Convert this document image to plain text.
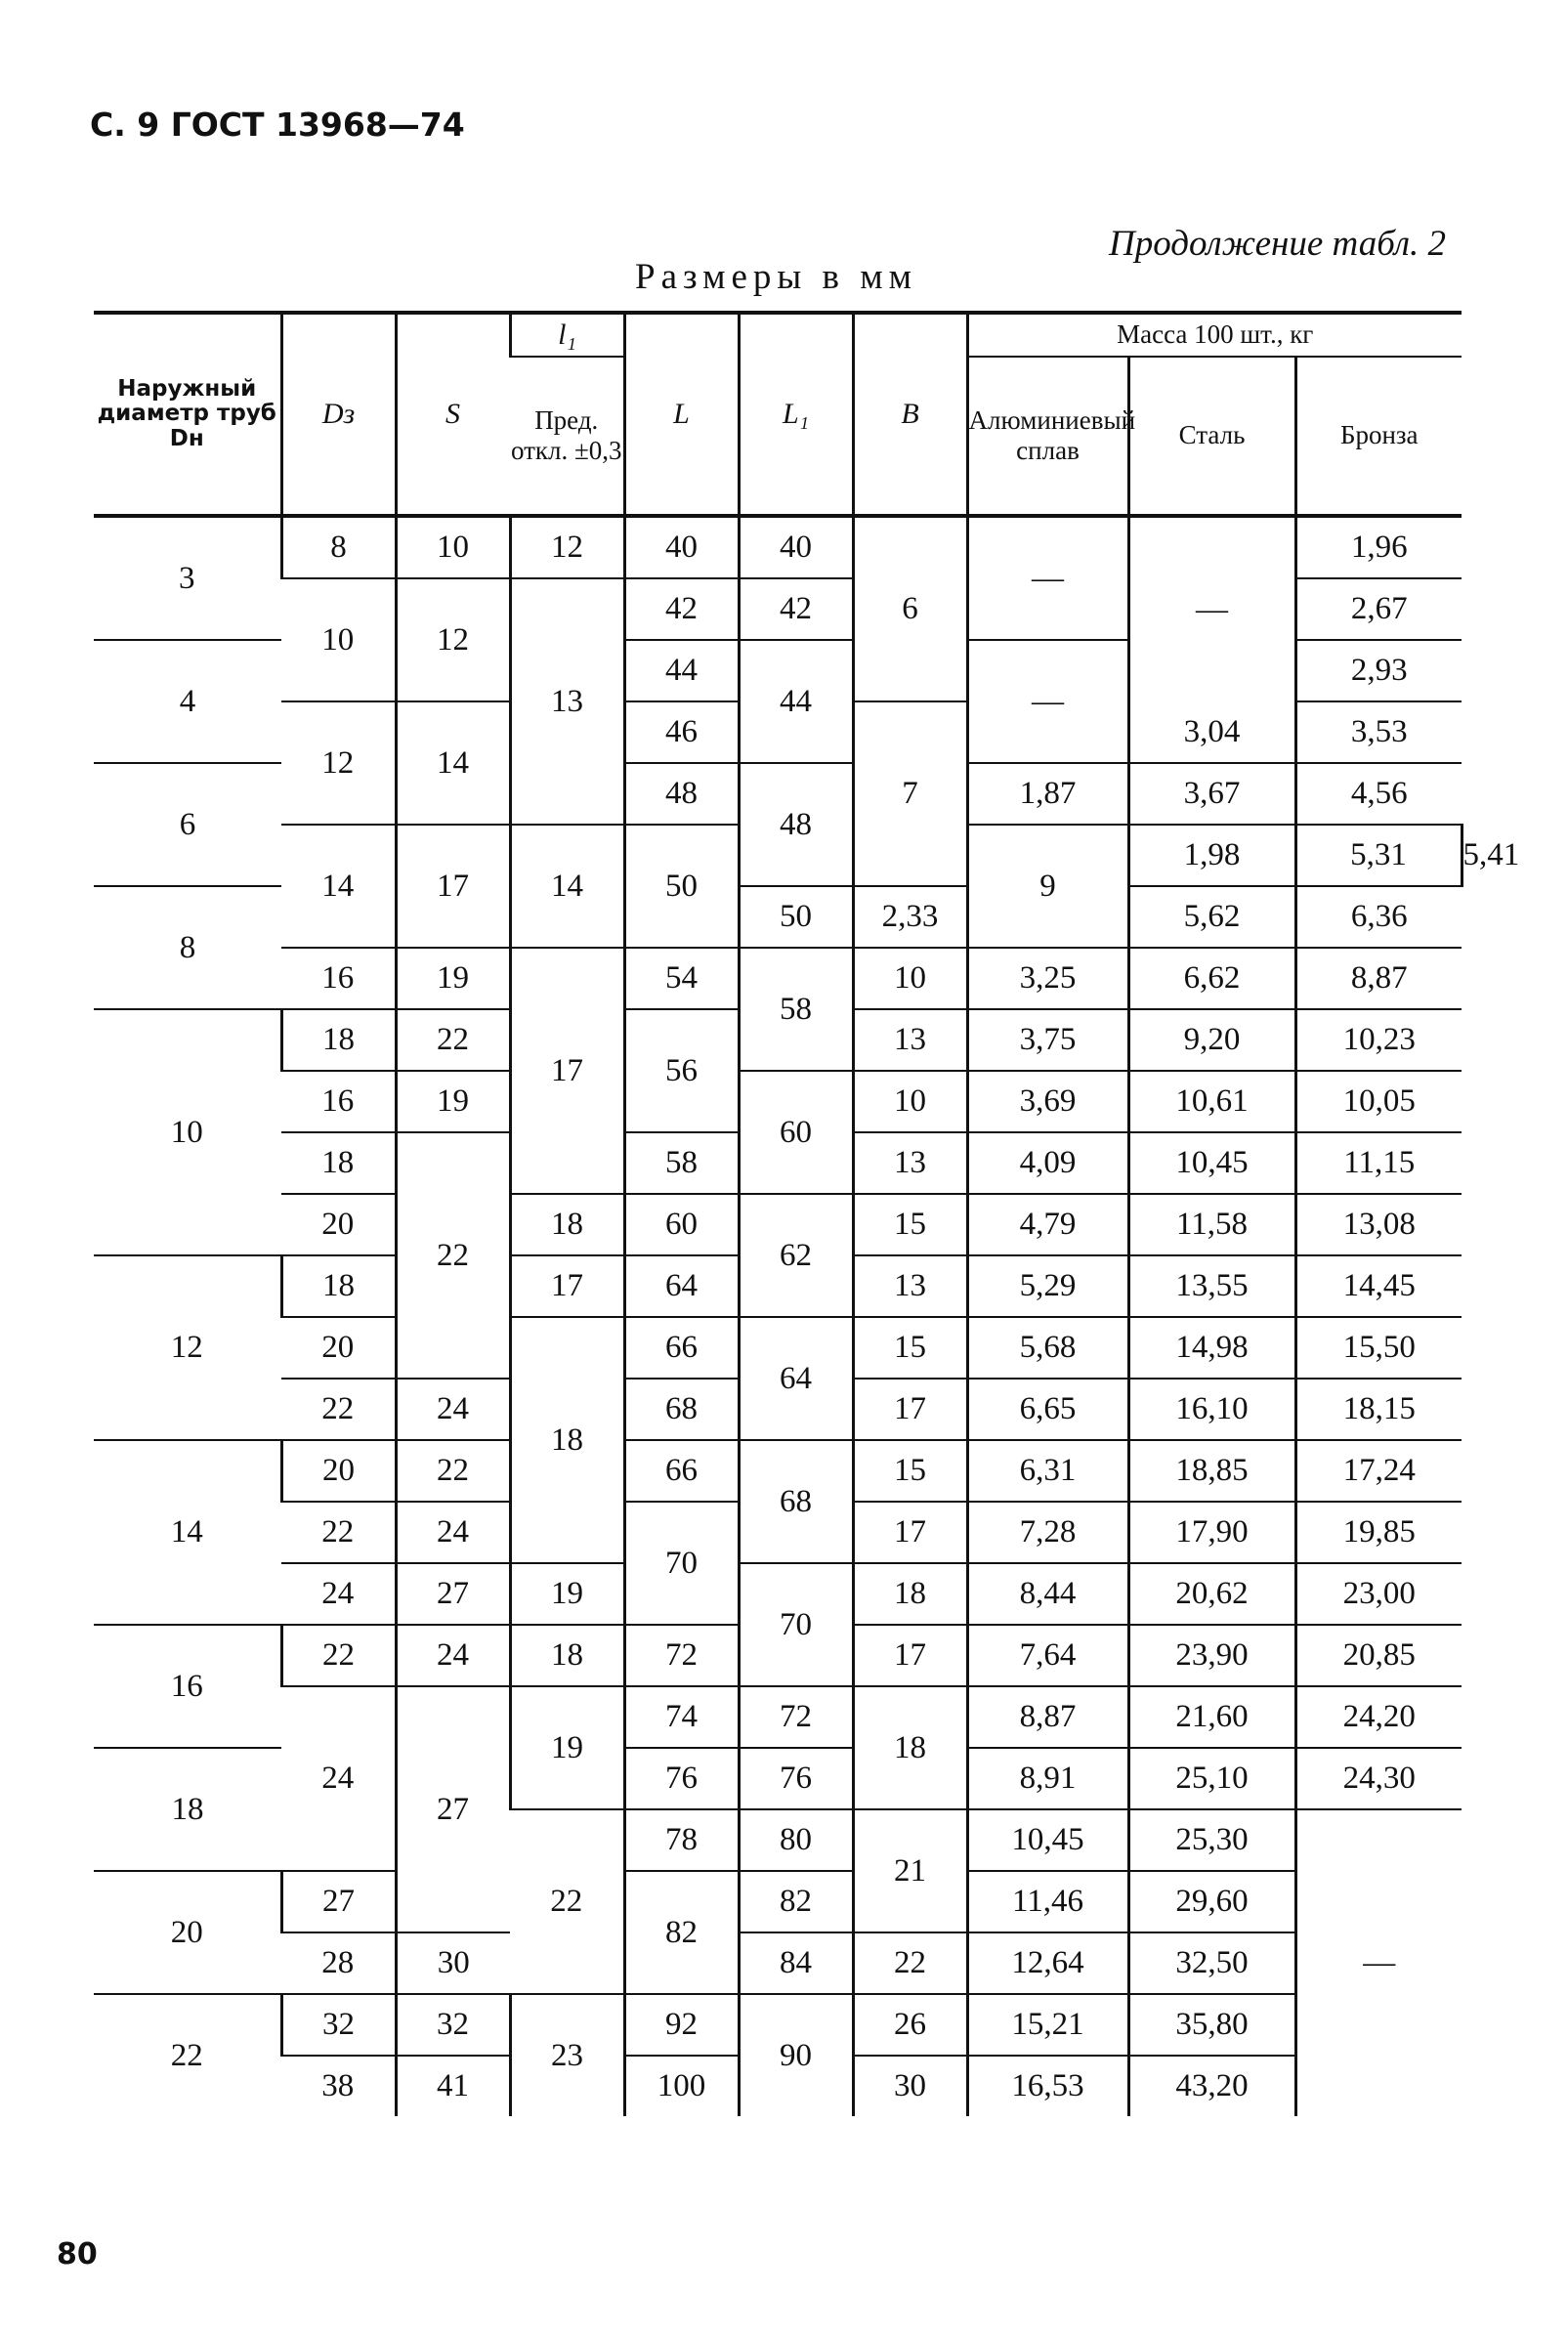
С. 9 ГОСТ 13968—74
Продолжение табл. 2
Размеры в мм
Наружный диаметр труб Dн	Dз	S	l₁	L	L₁	B	Масса 100 шт., кг			
			Пред. откл. ±0,3				Алюминиевый сплав	Сталь	Бронза	
3	8	10	12	40	40	6	—	—	1,96	
	10	12	13	42	42				2,67	
4				44	44		—		2,93	
	12	14		46		7		3,04	3,53	
6				48	48		1,87	3,67	4,56	
	14	17	14	50			9	1,98	5,31	5,41
8					50	2,33		5,62	6,36	
	16	19	17	54	58	10	3,25	6,62	8,87	
10	18	22		56		13	3,75	9,20	10,23	
	16	19			60	10	3,69	10,61	10,05	
	18	22		58		13	4,09	10,45	11,15	
	20		18	60	62	15	4,79	11,58	13,08	
12	18		17	64		13	5,29	13,55	14,45	
	20		18	66	64	15	5,68	14,98	15,50	
	22	24		68		17	6,65	16,10	18,15	
14	20	22		66	68	15	6,31	18,85	17,24	
	22	24		70		17	7,28	17,90	19,85	
	24	27	19		70	18	8,44	20,62	23,00	
16	22	24	18	72		17	7,64	23,90	20,85	
	24	27	19	74	72	18	8,87	21,60	24,20	
18				76	76		8,91	25,10	24,30	
			22	78	80	21	10,45	25,30	—	
20	27			82	82		11,46	29,60		
	28	30			84	22	12,64	32,50		
22	32	32	23	92	90	26	15,21	35,80		
	38	41		100		30	16,53	43,20		
80
